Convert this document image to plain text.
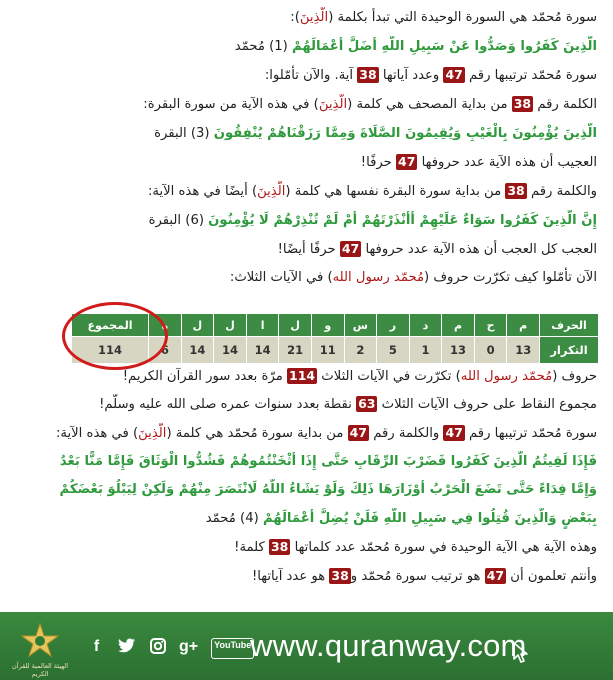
سورة مُحمّد هي السورة الوحيدة التي تبدأ بكلمة (الَّذِينَ):
الَّذِينَ كَفَرُوا وَصَدُّوا عَنْ سَبِيلِ اللَّهِ أَضَلَّ أَعْمَالَهُمْ (1) مُحمّد
سورة مُحمّد ترتيبها رقم 47 وعدد آياتها 38 آية. والآن تأمّلوا:
الكلمة رقم 38 من بداية المصحف هي كلمة (الَّذِينَ) في هذه الآية من سورة البقرة:
الَّذِينَ يُؤْمِنُونَ بِالْغَيْبِ وَيُقِيمُونَ الصَّلَاةَ وَمِمَّا رَزَقْنَاهُمْ يُنْفِقُونَ (3) البقرة
العجيب أن هذه الآية عدد حروفها 47 حرفًا!
والكلمة رقم 38 من بداية سورة البقرة نفسها هي كلمة (الَّذِينَ) أيضًا في هذه الآية:
إِنَّ الَّذِينَ كَفَرُوا سَوَاءٌ عَلَيْهِمْ أَأَنْذَرْتَهُمْ أَمْ لَمْ تُنْذِرْهُمْ لَا يُؤْمِنُونَ (6) البقرة
العجب كل العجب أن هذه الآية عدد حروفها 47 حرفًا أيضًا!
الآن تأمّلوا كيف تكرّرت حروف (مُحمّد رسول الله) في الآيات الثلاث:
حروف (مُحمّد رسول الله) تكرّرت في الآيات الثلاث 114 مرّة بعدد سور القرآن الكريم!
مجموع النقاط على حروف الآيات الثلاث 63 نقطة بعدد سنوات عمره صلى الله عليه وسلّم!
سورة مُحمّد ترتيبها رقم 47 والكلمة رقم 47 من بداية سورة مُحمّد هي كلمة (الَّذِينَ) في هذه الآية:
فَإِذَا لَقِيتُمُ الَّذِينَ كَفَرُوا فَضَرْبَ الرِّقَابِ حَتَّى إِذَا أَثْخَنْتُمُوهُمْ فَشُدُّوا الْوَثَاقَ فَإِمَّا مَنًّا بَعْدُ
وَإِمَّا فِدَاءً حَتَّى تَضَعَ الْحَرْبُ أَوْزَارَهَا ذَلِكَ وَلَوْ يَشَاءُ اللَّهُ لَانْتَصَرَ مِنْهُمْ وَلَكِنْ لِيَبْلُوَ بَعْضَكُمْ
بِبَعْضٍ وَالَّذِينَ قُتِلُوا فِي سَبِيلِ اللَّهِ فَلَنْ يُضِلَّ أَعْمَالَهُمْ (4) مُحمّد
وهذه الآية هي الآية الوحيدة في سورة مُحمّد عدد كلماتها 38 كلمة!
وأنتم تعلمون أن 47 هو ترتيب سورة مُحمّد و38 هو عدد آياتها!
الحرف	م	ح	م	د	ر	س	و	ل	ا	ل	ل	ه	المجموع
التكرار	13	0	13	1	5	2	11	21	14	14	14	6	114
الهيئة العالمية للقرآن الكريم
f	g+	YouTube
www.quranway.com
